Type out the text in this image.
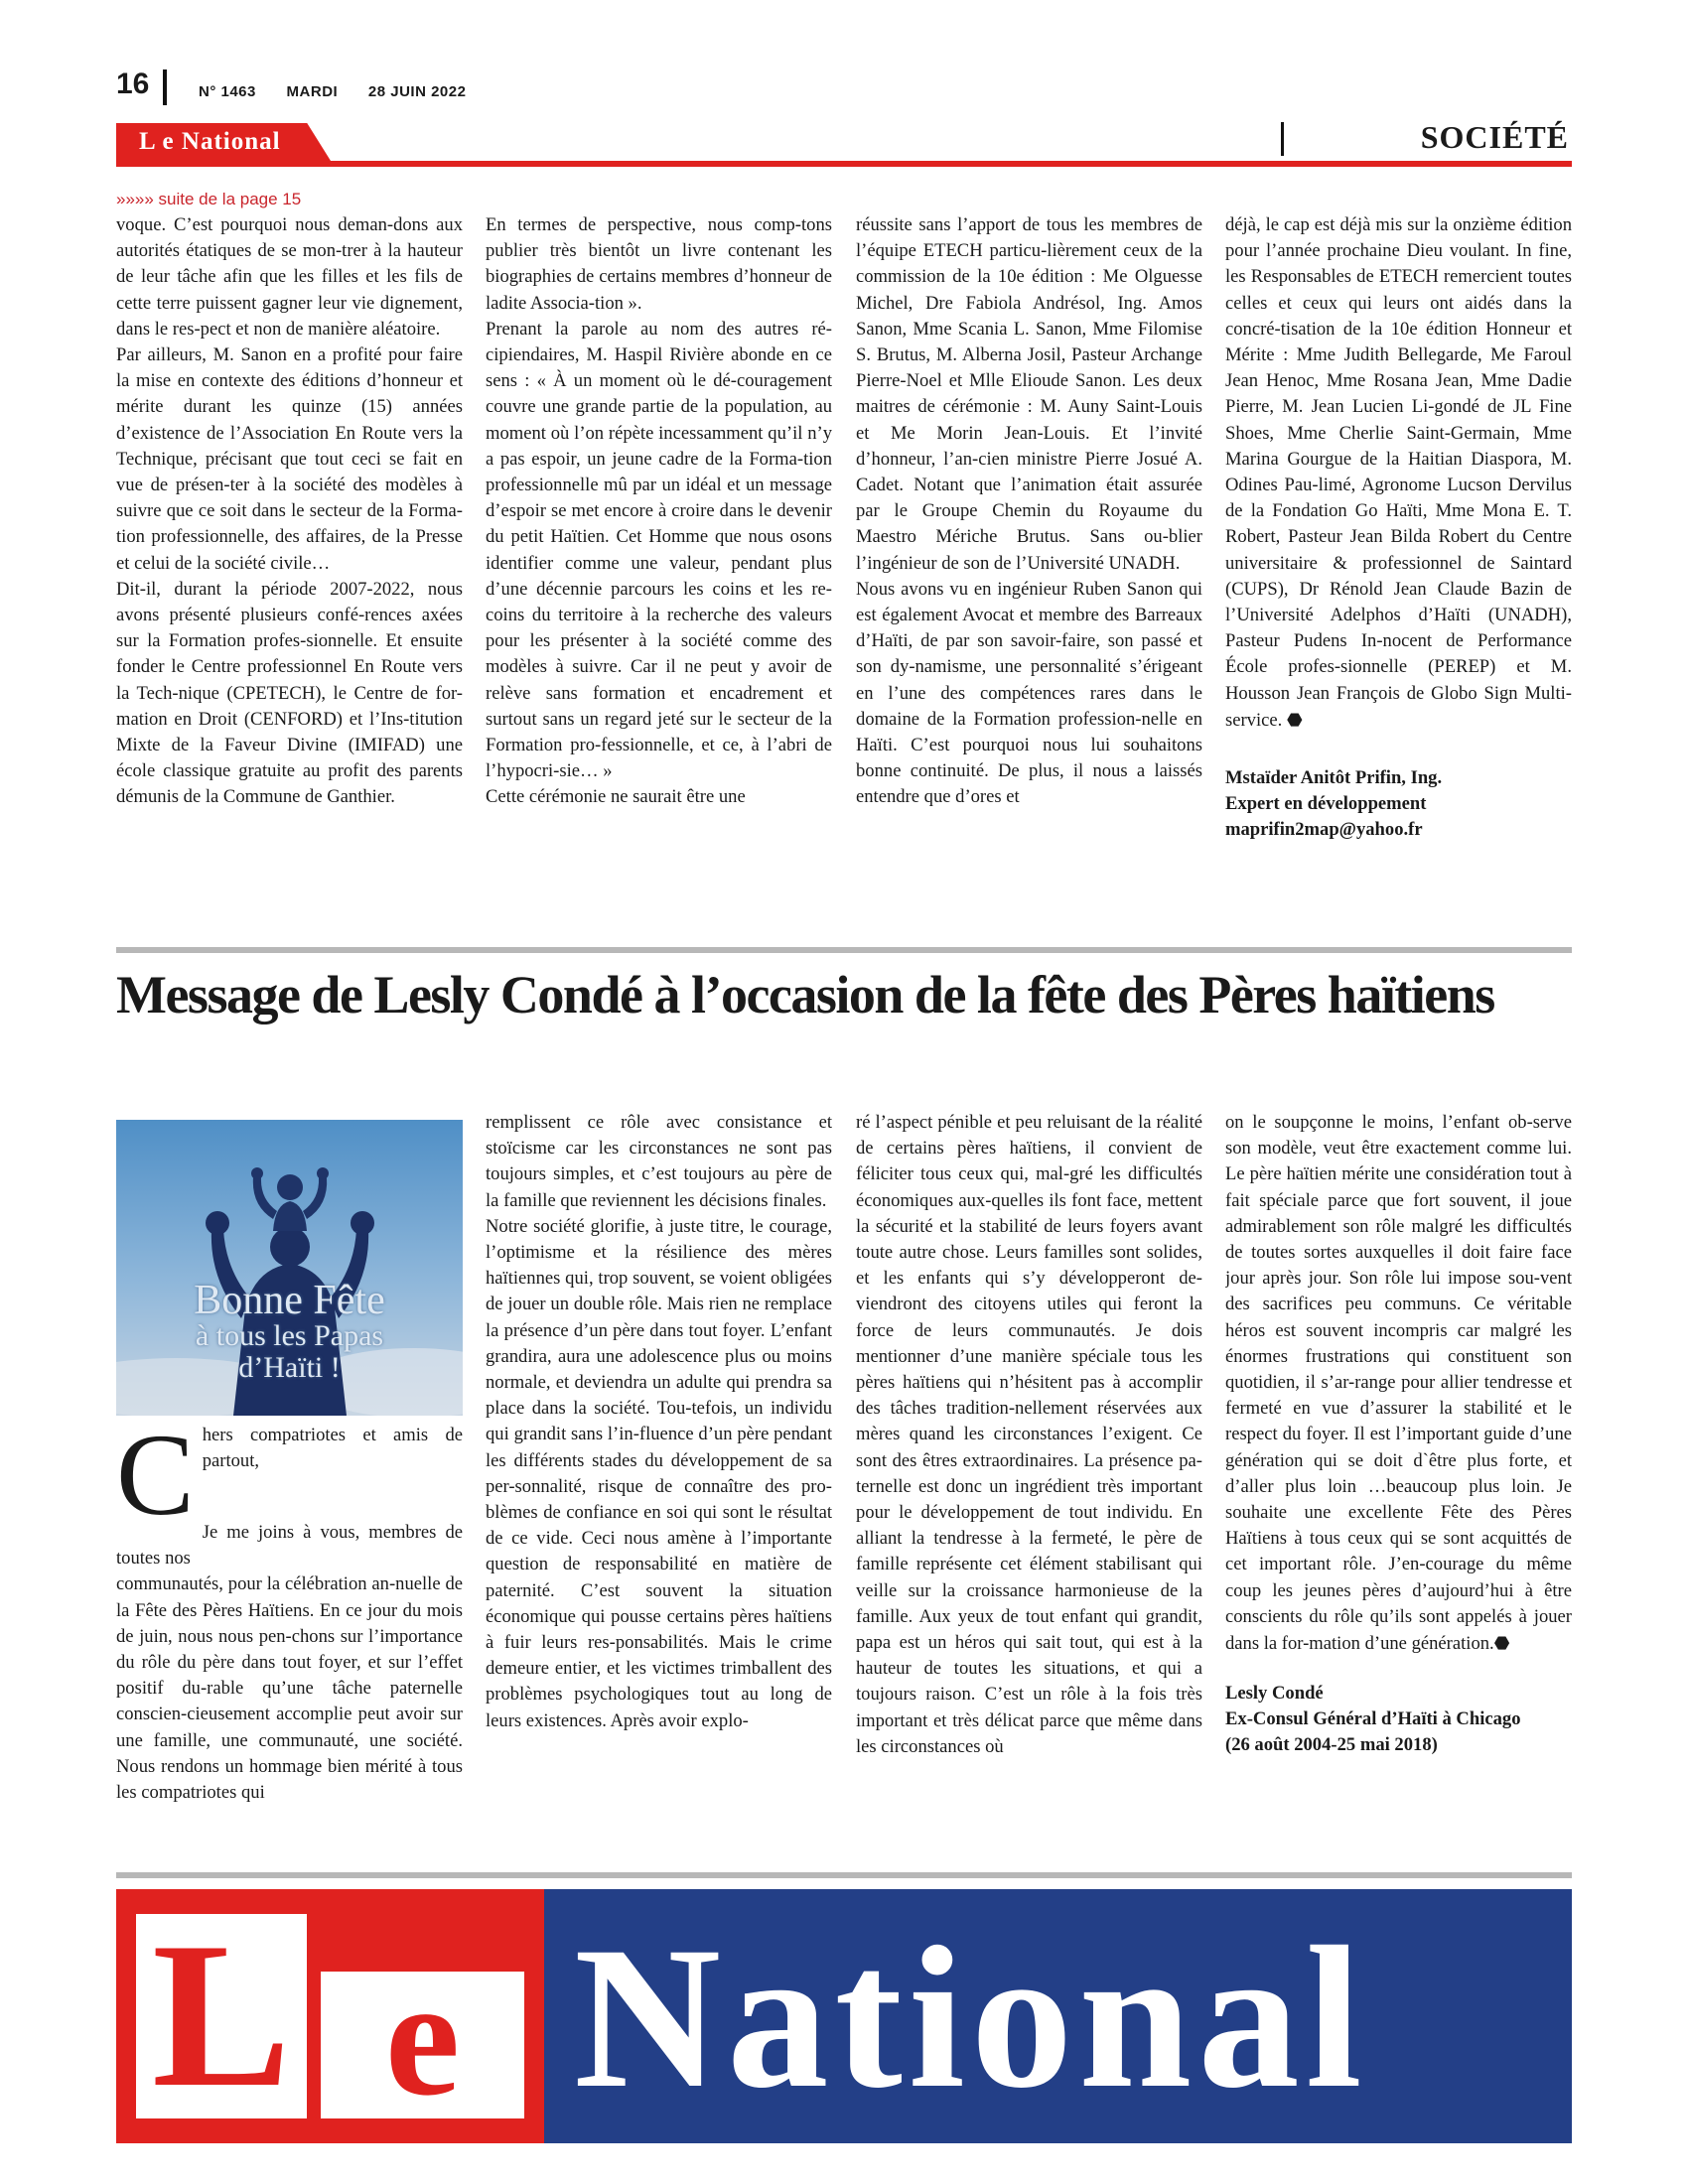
16	N° 1463 MARDI 28 JUIN 2022
L e National	SOCIÉTÉ
»»»» suite de la page 15

voque. C’est pourquoi nous deman-dons aux autorités étatiques de se mon-trer à la hauteur de leur tâche afin que les filles et les fils de cette terre puissent gagner leur vie dignement, dans le res-pect et non de manière aléatoire.

Par ailleurs, M. Sanon en a profité pour faire la mise en contexte des éditions d’honneur et mérite durant les quinze (15) années d’existence de l’Association En Route vers la Technique, précisant que tout ceci se fait en vue de présen-ter à la société des modèles à suivre que ce soit dans le secteur de la Forma-tion professionnelle, des affaires, de la Presse et celui de la société civile…

Dit-il, durant la période 2007-2022, nous avons présenté plusieurs confé-rences axées sur la Formation profes-sionnelle. Et ensuite fonder le Centre professionnel En Route vers la Tech-nique (CPETECH), le Centre de for-mation en Droit (CENFORD) et l’Ins-titution Mixte de la Faveur Divine (IMIFAD) une école classique gratuite au profit des parents démunis de la Commune de Ganthier.

En termes de perspective, nous comp-tons publier très bientôt un livre contenant les biographies de certains membres d’honneur de ladite Associa-tion ».

Prenant la parole au nom des autres ré-cipiendaires, M. Haspil Rivière abonde en ce sens : « À un moment où le dé-couragement couvre une grande partie de la population, au moment où l’on répète incessamment qu’il n’y a pas espoir, un jeune cadre de la Forma-tion professionnelle mû par un idéal et un message d’espoir se met encore à croire dans le devenir du petit Haïtien. Cet Homme que nous osons identifier comme une valeur, pendant plus d’une décennie parcours les coins et les re-coins du territoire à la recherche des valeurs pour les présenter à la société comme des modèles à suivre. Car il ne peut y avoir de relève sans formation et encadrement et surtout sans un regard jeté sur le secteur de la Formation pro-fessionnelle, et ce, à l’abri de l’hypocri-sie… »

Cette cérémonie ne saurait être une

réussite sans l’apport de tous les membres de l’équipe ETECH particu-lièrement ceux de la commission de la 10e édition : Me Olguesse Michel, Dre Fabiola Andrésol, Ing. Amos Sanon, Mme Scania L. Sanon, Mme Filomise S. Brutus, M. Alberna Josil, Pasteur Archange Pierre-Noel et Mlle Elioude Sanon. Les deux maitres de cérémonie : M. Auny Saint-Louis et Me Morin Jean-Louis. Et l’invité d’honneur, l’an-cien ministre Pierre Josué A. Cadet. Notant que l’animation était assurée par le Groupe Chemin du Royaume du Maestro Mériche Brutus. Sans ou-blier l’ingénieur de son de l’Université UNADH.

Nous avons vu en ingénieur Ruben Sanon qui est également Avocat et membre des Barreaux d’Haïti, de par son savoir-faire, son passé et son dy-namisme, une personnalité s’érigeant en l’une des compétences rares dans le domaine de la Formation profession-nelle en Haïti. C’est pourquoi nous lui souhaitons bonne continuité. De plus, il nous a laissés entendre que d’ores et

déjà, le cap est déjà mis sur la onzième édition pour l’année prochaine Dieu voulant. In fine, les Responsables de ETECH remercient toutes celles et ceux qui leurs ont aidés dans la concré-tisation de la 10e édition Honneur et Mérite : Mme Judith Bellegarde, Me Faroul Jean Henoc, Mme Rosana Jean, Mme Dadie Pierre, M. Jean Lucien Li-gondé de JL Fine Shoes, Mme Cherlie Saint-Germain, Mme Marina Gourgue de la Haitian Diaspora, M. Odines Pau-limé, Agronome Lucson Dervilus de la Fondation Go Haïti, Mme Mona E. T. Robert, Pasteur Jean Bilda Robert du Centre universitaire & professionnel de Saintard (CUPS), Dr Rénold Jean Claude Bazin de l’Université Adelphos d’Haïti (UNADH), Pasteur Pudens In-nocent de Performance École profes-sionnelle (PEREP) et M. Housson Jean François de Globo Sign Multi-service. ⬣

Mstaïder Anitôt Prifin, Ing.

Expert en développement

maprifin2map@yahoo.fr

Message de Lesly Condé à l’occasion de la fête des Pères haïtiens
Bonne Fête
à tous les Papas
d’Haïti !

Chers compatriotes et amis de partout,

Je me joins à vous, membres de toutes nos

communautés, pour la célébration an-nuelle de la Fête des Pères Haïtiens. En ce jour du mois de juin, nous nous pen-chons sur l’importance du rôle du père dans tout foyer, et sur l’effet positif du-rable qu’une tâche paternelle conscien-cieusement accomplie peut avoir sur une famille, une communauté, une société. Nous rendons un hommage bien mérité à tous les compatriotes qui

remplissent ce rôle avec consistance et stoïcisme car les circonstances ne sont pas toujours simples, et c’est toujours au père de la famille que reviennent les décisions finales.

Notre société glorifie, à juste titre, le courage, l’optimisme et la résilience des mères haïtiennes qui, trop souvent, se voient obligées de jouer un double rôle. Mais rien ne remplace la présence d’un père dans tout foyer. L’enfant grandira, aura une adolescence plus ou moins normale, et deviendra un adulte qui prendra sa place dans la société. Tou-tefois, un individu qui grandit sans l’in-fluence d’un père pendant les différents stades du développement de sa per-sonnalité, risque de connaître des pro-blèmes de confiance en soi qui sont le résultat de ce vide. Ceci nous amène à l’importante question de responsabilité en matière de paternité. C’est souvent la situation économique qui pousse certains pères haïtiens à fuir leurs res-ponsabilités. Mais le crime demeure entier, et les victimes trimballent des problèmes psychologiques tout au long de leurs existences. Après avoir explo-

ré l’aspect pénible et peu reluisant de la réalité de certains pères haïtiens, il convient de féliciter tous ceux qui, mal-gré les difficultés économiques aux-quelles ils font face, mettent la sécurité et la stabilité de leurs foyers avant toute autre chose. Leurs familles sont solides, et les enfants qui s’y développeront de-viendront des citoyens utiles qui feront la force de leurs communautés. Je dois mentionner d’une manière spéciale tous les pères haïtiens qui n’hésitent pas à accomplir des tâches tradition-nellement réservées aux mères quand les circonstances l’exigent. Ce sont des êtres extraordinaires. La présence pa-ternelle est donc un ingrédient très important pour le développement de tout individu. En alliant la tendresse à la fermeté, le père de famille représente cet élément stabilisant qui veille sur la croissance harmonieuse de la famille. Aux yeux de tout enfant qui grandit, papa est un héros qui sait tout, qui est à la hauteur de toutes les situations, et qui a toujours raison. C’est un rôle à la fois très important et très délicat parce que même dans les circonstances où

on le soupçonne le moins, l’enfant ob-serve son modèle, veut être exactement comme lui. Le père haïtien mérite une considération tout à fait spéciale parce que fort souvent, il joue admirablement son rôle malgré les difficultés de toutes sortes auxquelles il doit faire face jour après jour. Son rôle lui impose sou-vent des sacrifices peu communs. Ce véritable héros est souvent incompris car malgré les énormes frustrations qui constituent son quotidien, il s’ar-range pour allier tendresse et fermeté en vue d’assurer la stabilité et le respect du foyer. Il est l’important guide d’une génération qui se doit d`être plus forte, et d’aller plus loin …beaucoup plus loin. Je souhaite une excellente Fête des Pères Haïtiens à tous ceux qui se sont acquittés de cet important rôle. J’en-courage du même coup les jeunes pères d’aujourd’hui à être conscients du rôle qu’ils sont appelés à jouer dans la for-mation d’une génération.⬣

Lesly Condé

Ex-Consul Général d’Haïti à Chicago

(26 août 2004-25 mai 2018)

L e National
